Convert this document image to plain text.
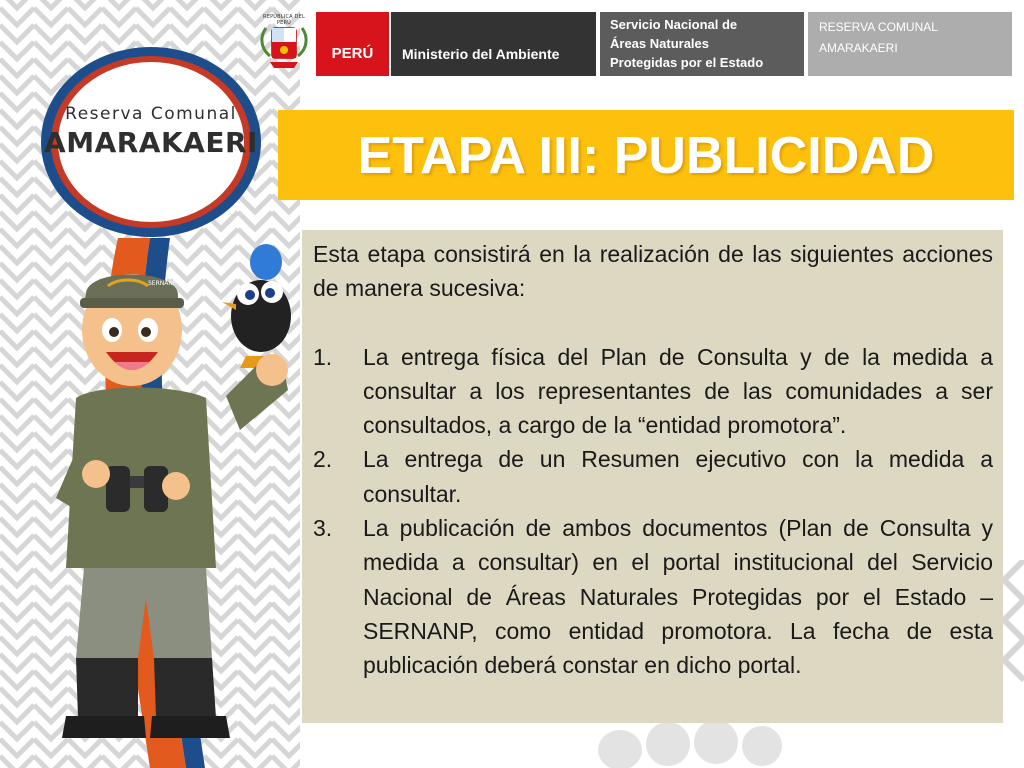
REPÚBLICA DEL PERÚ
PERÚ Ministerio del Ambiente
Servicio Nacional de
Áreas Naturales
Protegidas por el Estado
RESERVA COMUNAL
AMARAKAERI
Reserva Comunal
AMARAKAERI	ETAPA III: PUBLICIDAD
SERNANP

Esta etapa consistirá en la realización de las siguientes acciones de manera sucesiva:

1. La entrega física del Plan de Consulta y de la medida a consultar a los representantes de las comunidades a ser consultados, a cargo de la “entidad promotora”.
2. La entrega de un Resumen ejecutivo con la medida a consultar.
3. La publicación de ambos documentos (Plan de Consulta y medida a consultar) en el portal institucional del Servicio Nacional de Áreas Naturales Protegidas por el Estado – SERNANP, como entidad promotora. La fecha de esta publicación deberá constar en dicho portal.
